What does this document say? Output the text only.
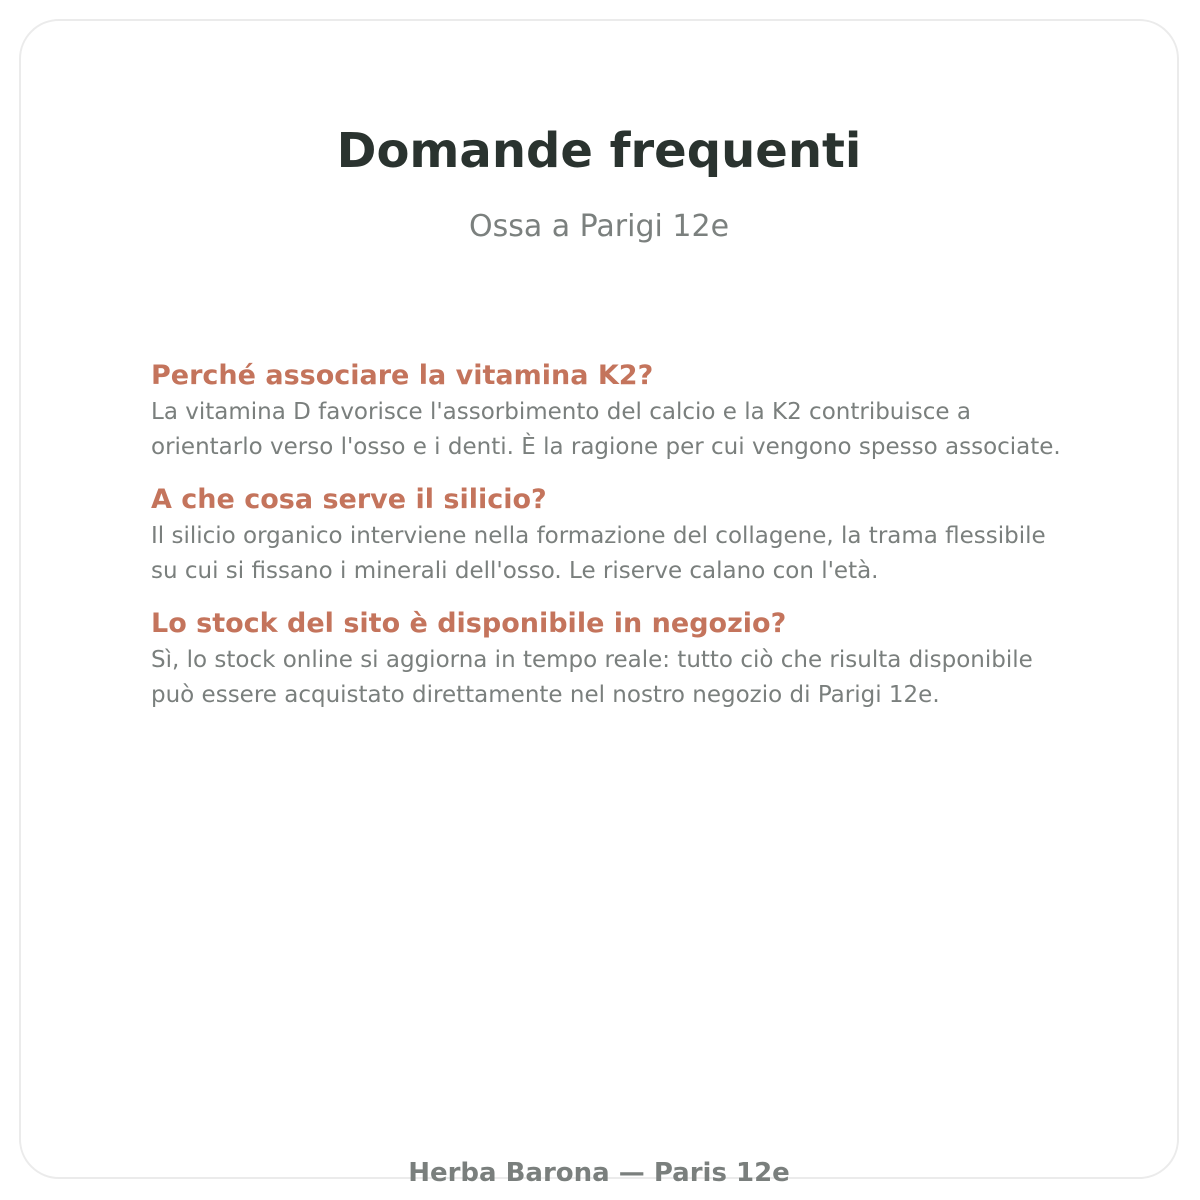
Domande frequenti
Ossa a Parigi 12e

Perché associare la vitamina K2?

La vitamina D favorisce l'assorbimento del calcio e la K2 contribuisce a
orientarlo verso l'osso e i denti. È la ragione per cui vengono spesso associate.

A che cosa serve il silicio?

Il silicio organico interviene nella formazione del collagene, la trama flessibile
su cui si fissano i minerali dell'osso. Le riserve calano con l'età.

Lo stock del sito è disponibile in negozio?

Sì, lo stock online si aggiorna in tempo reale: tutto ciò che risulta disponibile
può essere acquistato direttamente nel nostro negozio di Parigi 12e.

Herba Barona — Paris 12e
